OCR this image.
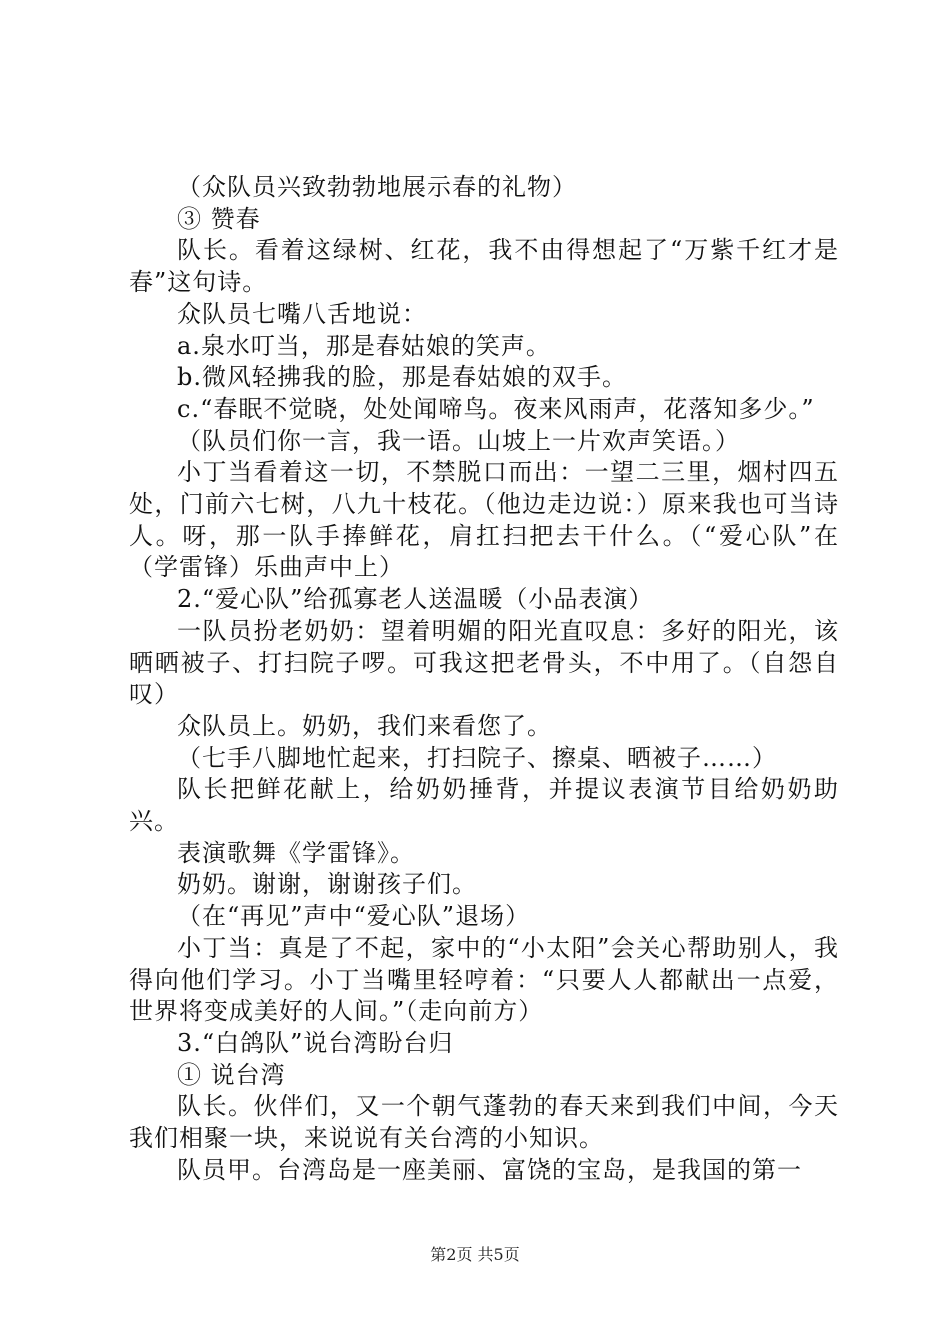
（众队员兴致勃勃地展示春的礼物）

③ 赞春

队长。看着这绿树、红花，我不由得想起了“万紫千红才是春”这句诗。

众队员七嘴八舌地说：

a.泉水叮当，那是春姑娘的笑声。

b.微风轻拂我的脸，那是春姑娘的双手。

c.“春眠不觉晓，处处闻啼鸟。夜来风雨声，花落知多少。”

（队员们你一言，我一语。山坡上一片欢声笑语。）

小丁当看着这一切，不禁脱口而出：一望二三里，烟村四五处，门前六七树，八九十枝花。（他边走边说：）原来我也可当诗人。呀，那一队手捧鲜花，肩扛扫把去干什么。（“爱心队”在（学雷锋）乐曲声中上）

2.“爱心队”给孤寡老人送温暖（小品表演）

一队员扮老奶奶：望着明媚的阳光直叹息：多好的阳光，该晒晒被子、打扫院子啰。可我这把老骨头，不中用了。（自怨自叹）

众队员上。奶奶，我们来看您了。

（七手八脚地忙起来，打扫院子、擦桌、晒被子……）

队长把鲜花献上，给奶奶捶背，并提议表演节目给奶奶助兴。

表演歌舞《学雷锋》。

奶奶。谢谢，谢谢孩子们。

（在“再见”声中“爱心队”退场）

小丁当：真是了不起，家中的“小太阳”会关心帮助别人，我得向他们学习。小丁当嘴里轻哼着：“只要人人都献出一点爱，世界将变成美好的人间。”（走向前方）

3.“白鸽队”说台湾盼台归

① 说台湾

队长。伙伴们，又一个朝气蓬勃的春天来到我们中间，今天我们相聚一块，来说说有关台湾的小知识。

队员甲。台湾岛是一座美丽、富饶的宝岛，是我国的第一

第2页 共5页
